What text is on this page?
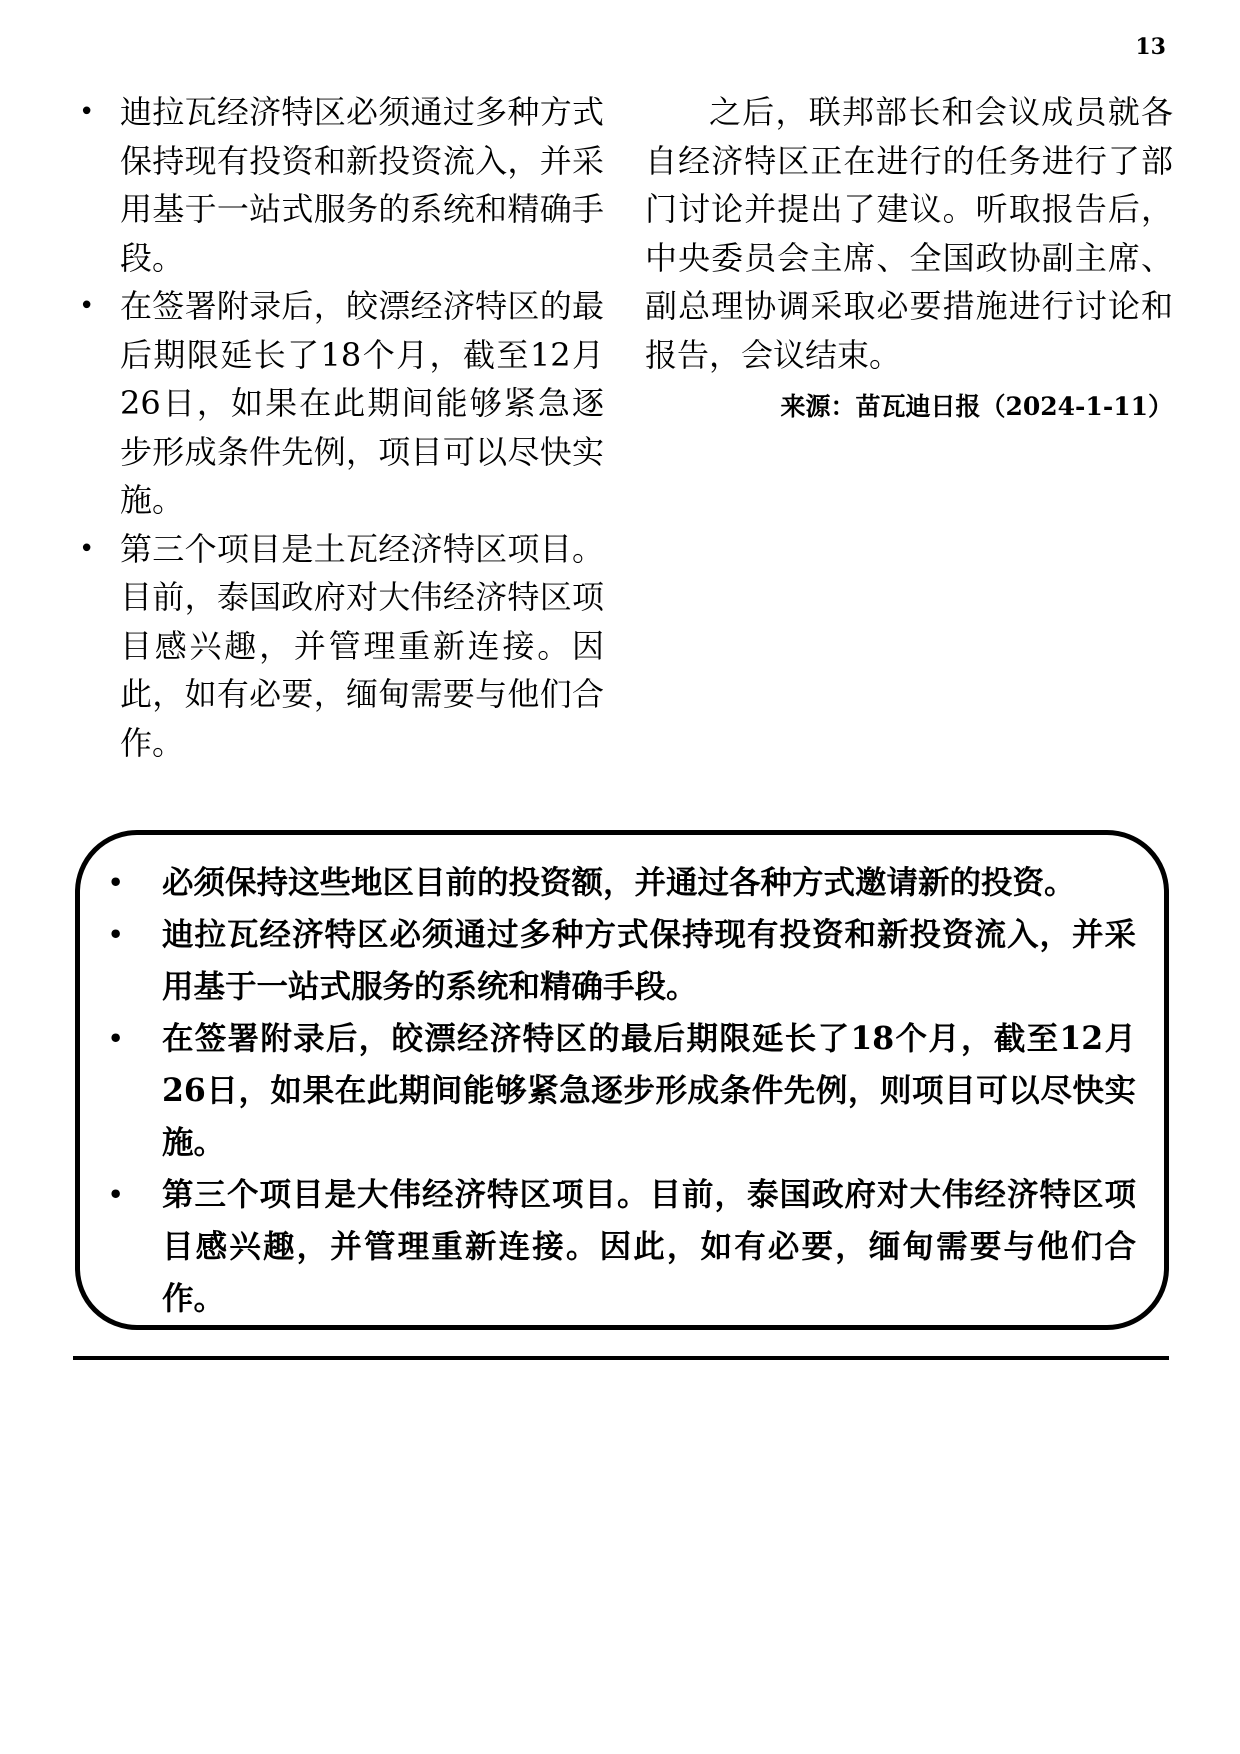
13
• 迪拉瓦经济特区必须通过多种方式保持现有投资和新投资流入，并采用基于一站式服务的系统和精确手段。
• 在签署附录后，皎漂经济特区的最后期限延长了18个月，截至12月26日，如果在此期间能够紧急逐步形成条件先例，项目可以尽快实施。
• 第三个项目是土瓦经济特区项目。目前，泰国政府对大伟经济特区项目感兴趣，并管理重新连接。因此，如有必要，缅甸需要与他们合作。

之后，联邦部长和会议成员就各自经济特区正在进行的任务进行了部门讨论并提出了建议。听取报告后，中央委员会主席、全国政协副主席、副总理协调采取必要措施进行讨论和报告，会议结束。

来源：苗瓦迪日报（2024-1-11）

• 必须保持这些地区目前的投资额，并通过各种方式邀请新的投资。
• 迪拉瓦经济特区必须通过多种方式保持现有投资和新投资流入，并采用基于一站式服务的系统和精确手段。
• 在签署附录后，皎漂经济特区的最后期限延长了18个月，截至12月26日，如果在此期间能够紧急逐步形成条件先例，则项目可以尽快实施。
• 第三个项目是大伟经济特区项目。目前，泰国政府对大伟经济特区项目感兴趣，并管理重新连接。因此，如有必要，缅甸需要与他们合作。
